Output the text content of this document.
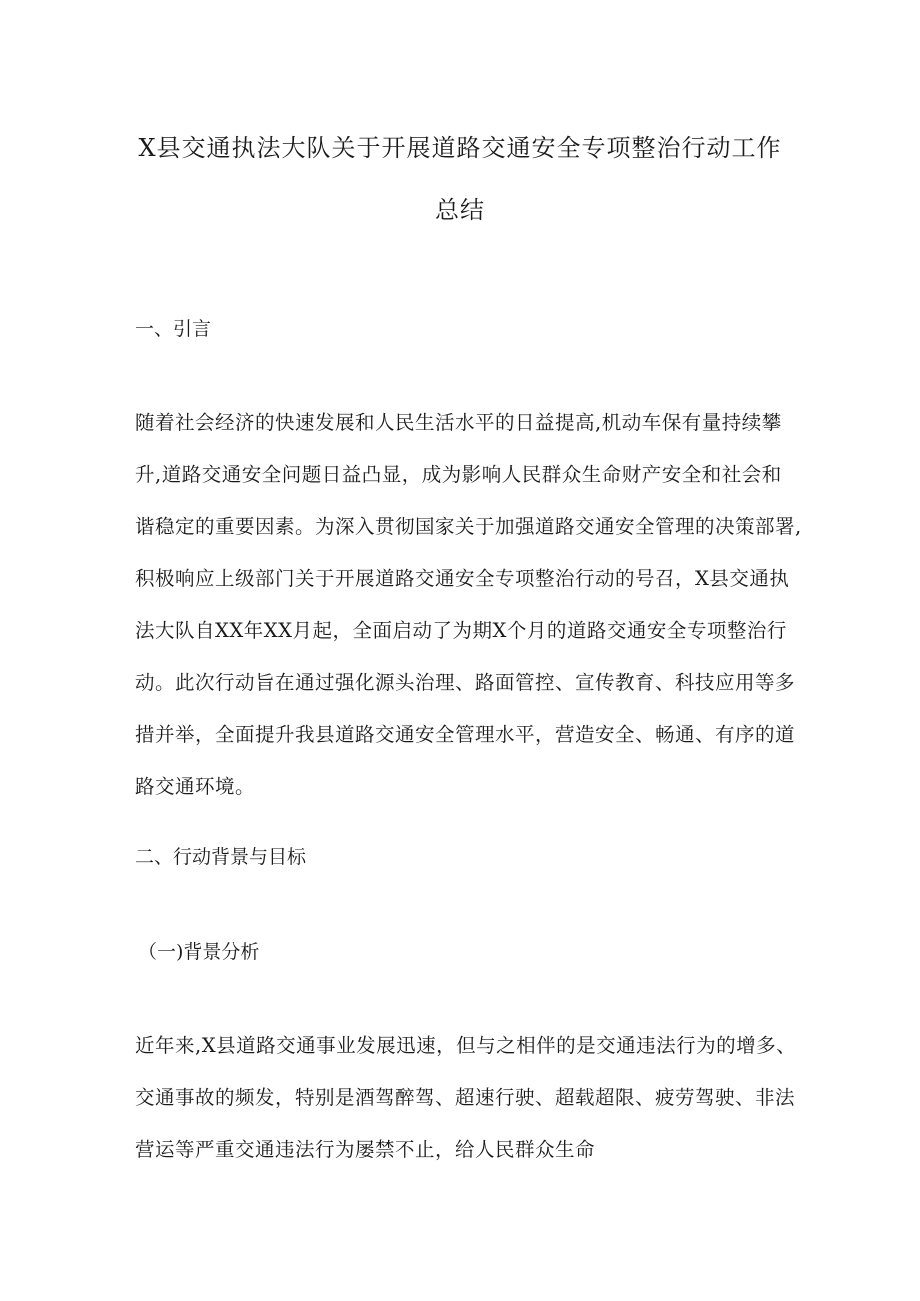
X县交通执法大队关于开展道路交通安全专项整治行动工作
总结
一、引言
随着社会经济的快速发展和人民生活水平的日益提高,机动车保有量持续攀
升,道路交通安全问题日益凸显，成为影响人民群众生命财产安全和社会和
谐稳定的重要因素。为深入贯彻国家关于加强道路交通安全管理的决策部署,
积极响应上级部门关于开展道路交通安全专项整治行动的号召，X县交通执
法大队自XX年XX月起，全面启动了为期X个月的道路交通安全专项整治行
动。此次行动旨在通过强化源头治理、路面管控、宣传教育、科技应用等多
措并举，全面提升我县道路交通安全管理水平，营造安全、畅通、有序的道
路交通环境。
二、行动背景与目标
（一)背景分析
近年来,X县道路交通事业发展迅速，但与之相伴的是交通违法行为的增多、
交通事故的频发，特别是酒驾醉驾、超速行驶、超载超限、疲劳驾驶、非法
营运等严重交通违法行为屡禁不止，给人民群众生命
